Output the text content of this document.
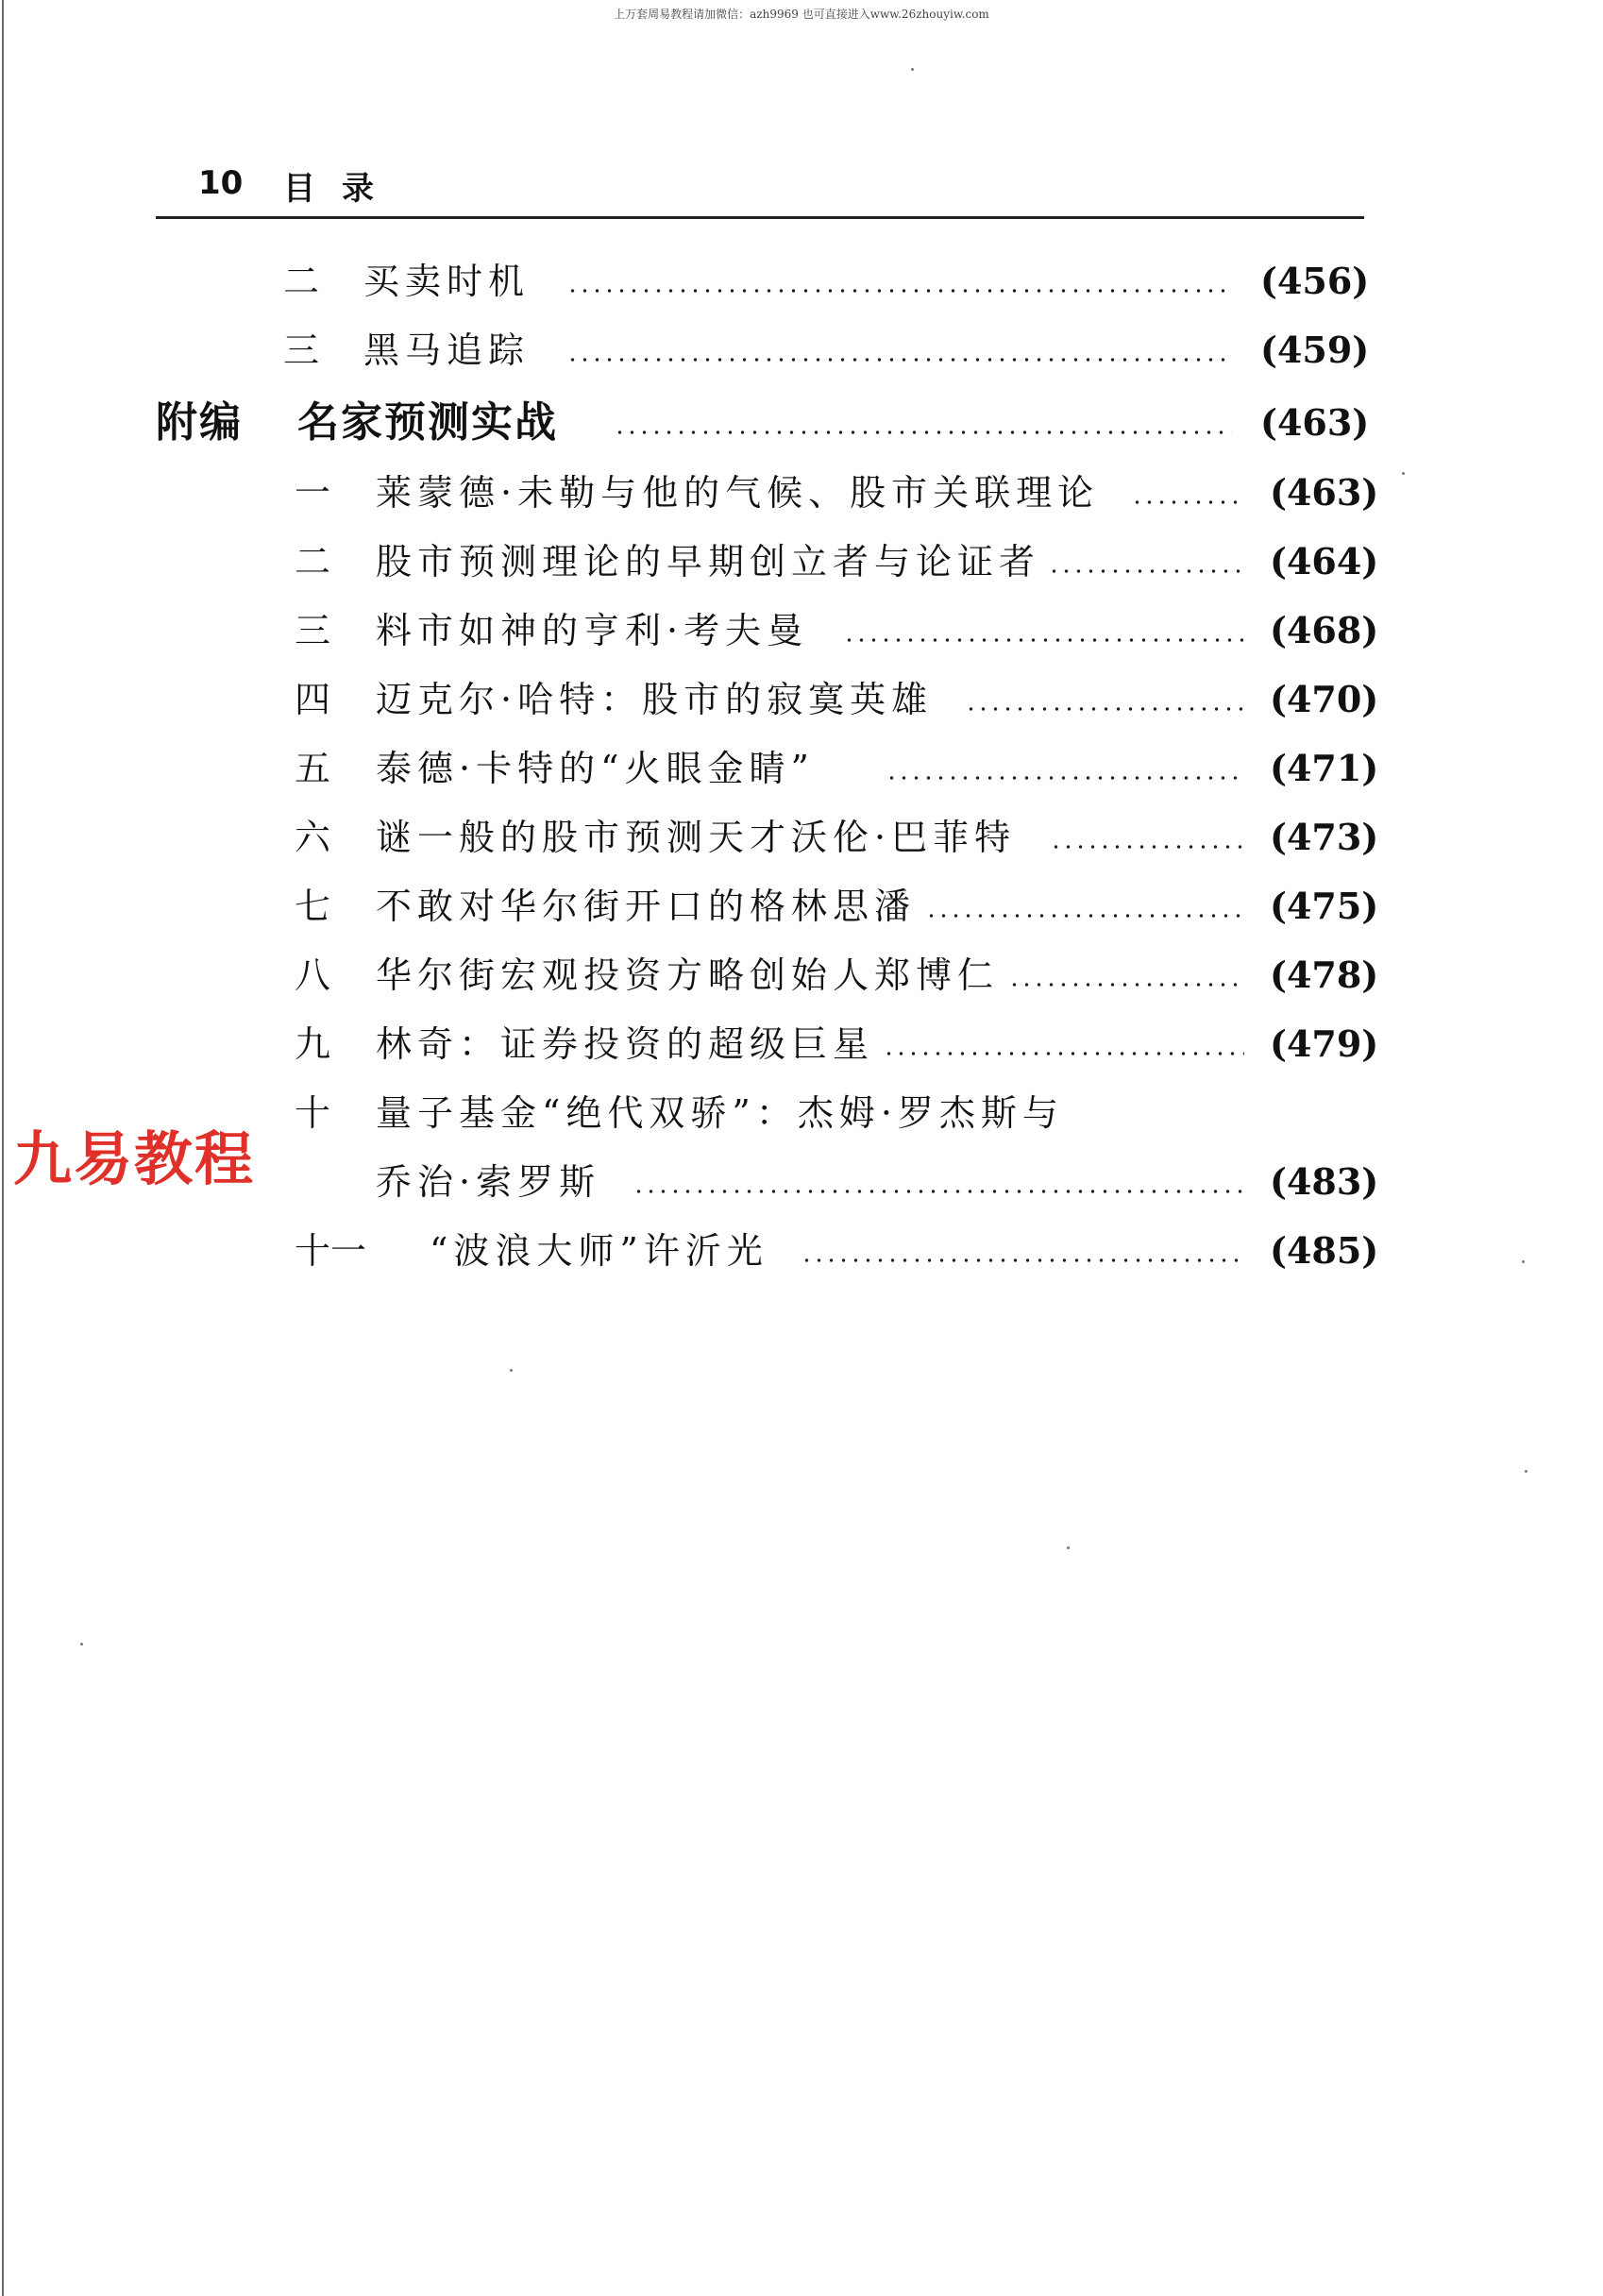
上万套周易教程请加微信：azh9969 也可直接进入www.26zhouyiw.com
10 目录
二 买卖时机	(456)
三 黑马追踪	(459)
附编 名家预测实战	(463)
一 莱蒙德·未勒与他的气候、股市关联理论	(463)
二 股市预测理论的早期创立者与论证者	(464)
三 料市如神的亨利·考夫曼	(468)
四 迈克尔·哈特：股市的寂寞英雄	(470)
五 泰德·卡特的“火眼金睛”	(471)
六 谜一般的股市预测天才沃伦·巴菲特	(473)
七 不敢对华尔街开口的格林思潘	(475)
八 华尔街宏观投资方略创始人郑博仁	(478)
九 林奇：证券投资的超级巨星	(479)
十 量子基金“绝代双骄”：杰姆·罗杰斯与
乔治·索罗斯	(483)
十一 “波浪大师”许沂光	(485)
九易教程
